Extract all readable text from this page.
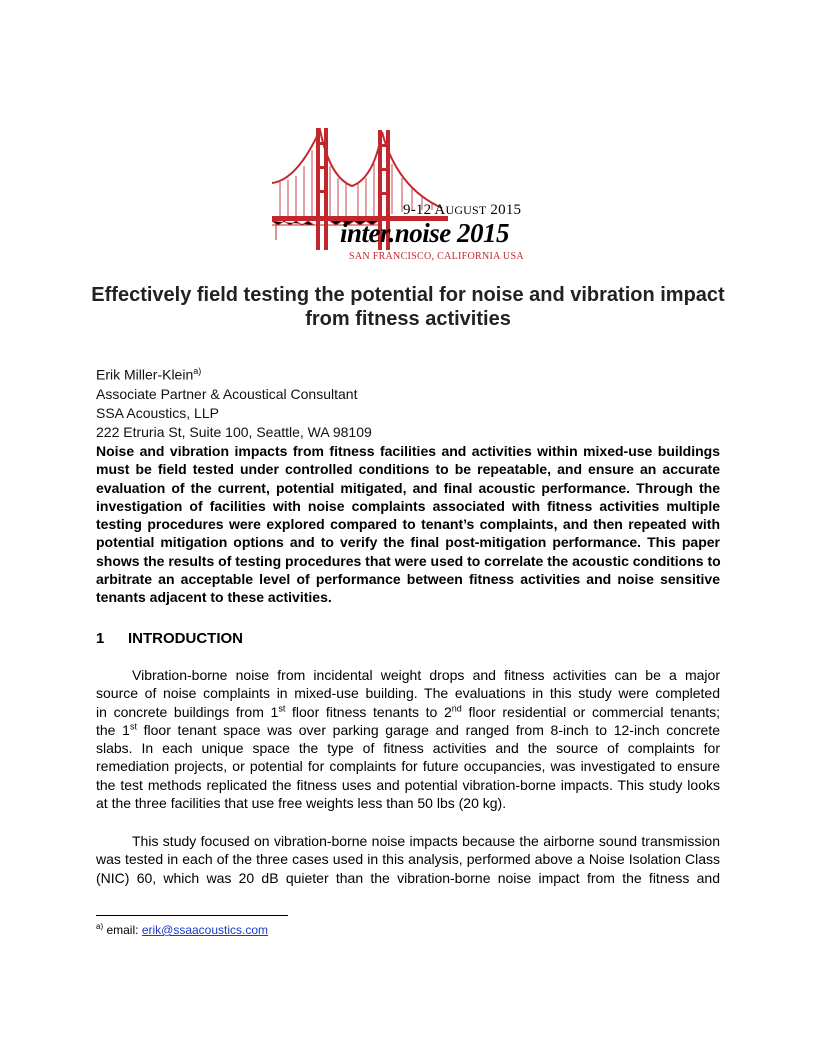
9-12 AUGUST 2015
inter.noise 2015
SAN FRANCISCO, CALIFORNIA USA
Effectively field testing the potential for noise and vibration impact
from fitness activities
Erik Miller-Klein$^{a)}$
Associate Partner & Acoustical Consultant
SSA Acoustics, LLP
222 Etruria St, Suite 100, Seattle, WA 98109
Noise and vibration impacts from fitness facilities and activities within mixed-use buildings
must be field tested under controlled conditions to be repeatable, and ensure an accurate
evaluation of the current, potential mitigated, and final acoustic performance. Through the
investigation of facilities with noise complaints associated with fitness activities multiple
testing procedures were explored compared to tenant’s complaints, and then repeated with
potential mitigation options and to verify the final post-mitigation performance. This paper
shows the results of testing procedures that were used to correlate the acoustic conditions to
arbitrate an acceptable level of performance between fitness activities and noise sensitive
tenants adjacent to these activities.
1 INTRODUCTION
Vibration-borne noise from incidental weight drops and fitness activities can be a major
source of noise complaints in mixed-use building. The evaluations in this study were completed
in concrete buildings from 1st floor fitness tenants to 2nd floor residential or commercial tenants;
the 1st floor tenant space was over parking garage and ranged from 8-inch to 12-inch concrete
slabs. In each unique space the type of fitness activities and the source of complaints for
remediation projects, or potential for complaints for future occupancies, was investigated to ensure
the test methods replicated the fitness uses and potential vibration-borne impacts. This study looks
at the three facilities that use free weights less than 50 lbs (20 kg).
This study focused on vibration-borne noise impacts because the airborne sound transmission
was tested in each of the three cases used in this analysis, performed above a Noise Isolation Class
(NIC) 60, which was 20 dB quieter than the vibration-borne noise impact from the fitness and
$^{a)}$ email: erik@ssaacoustics.com
